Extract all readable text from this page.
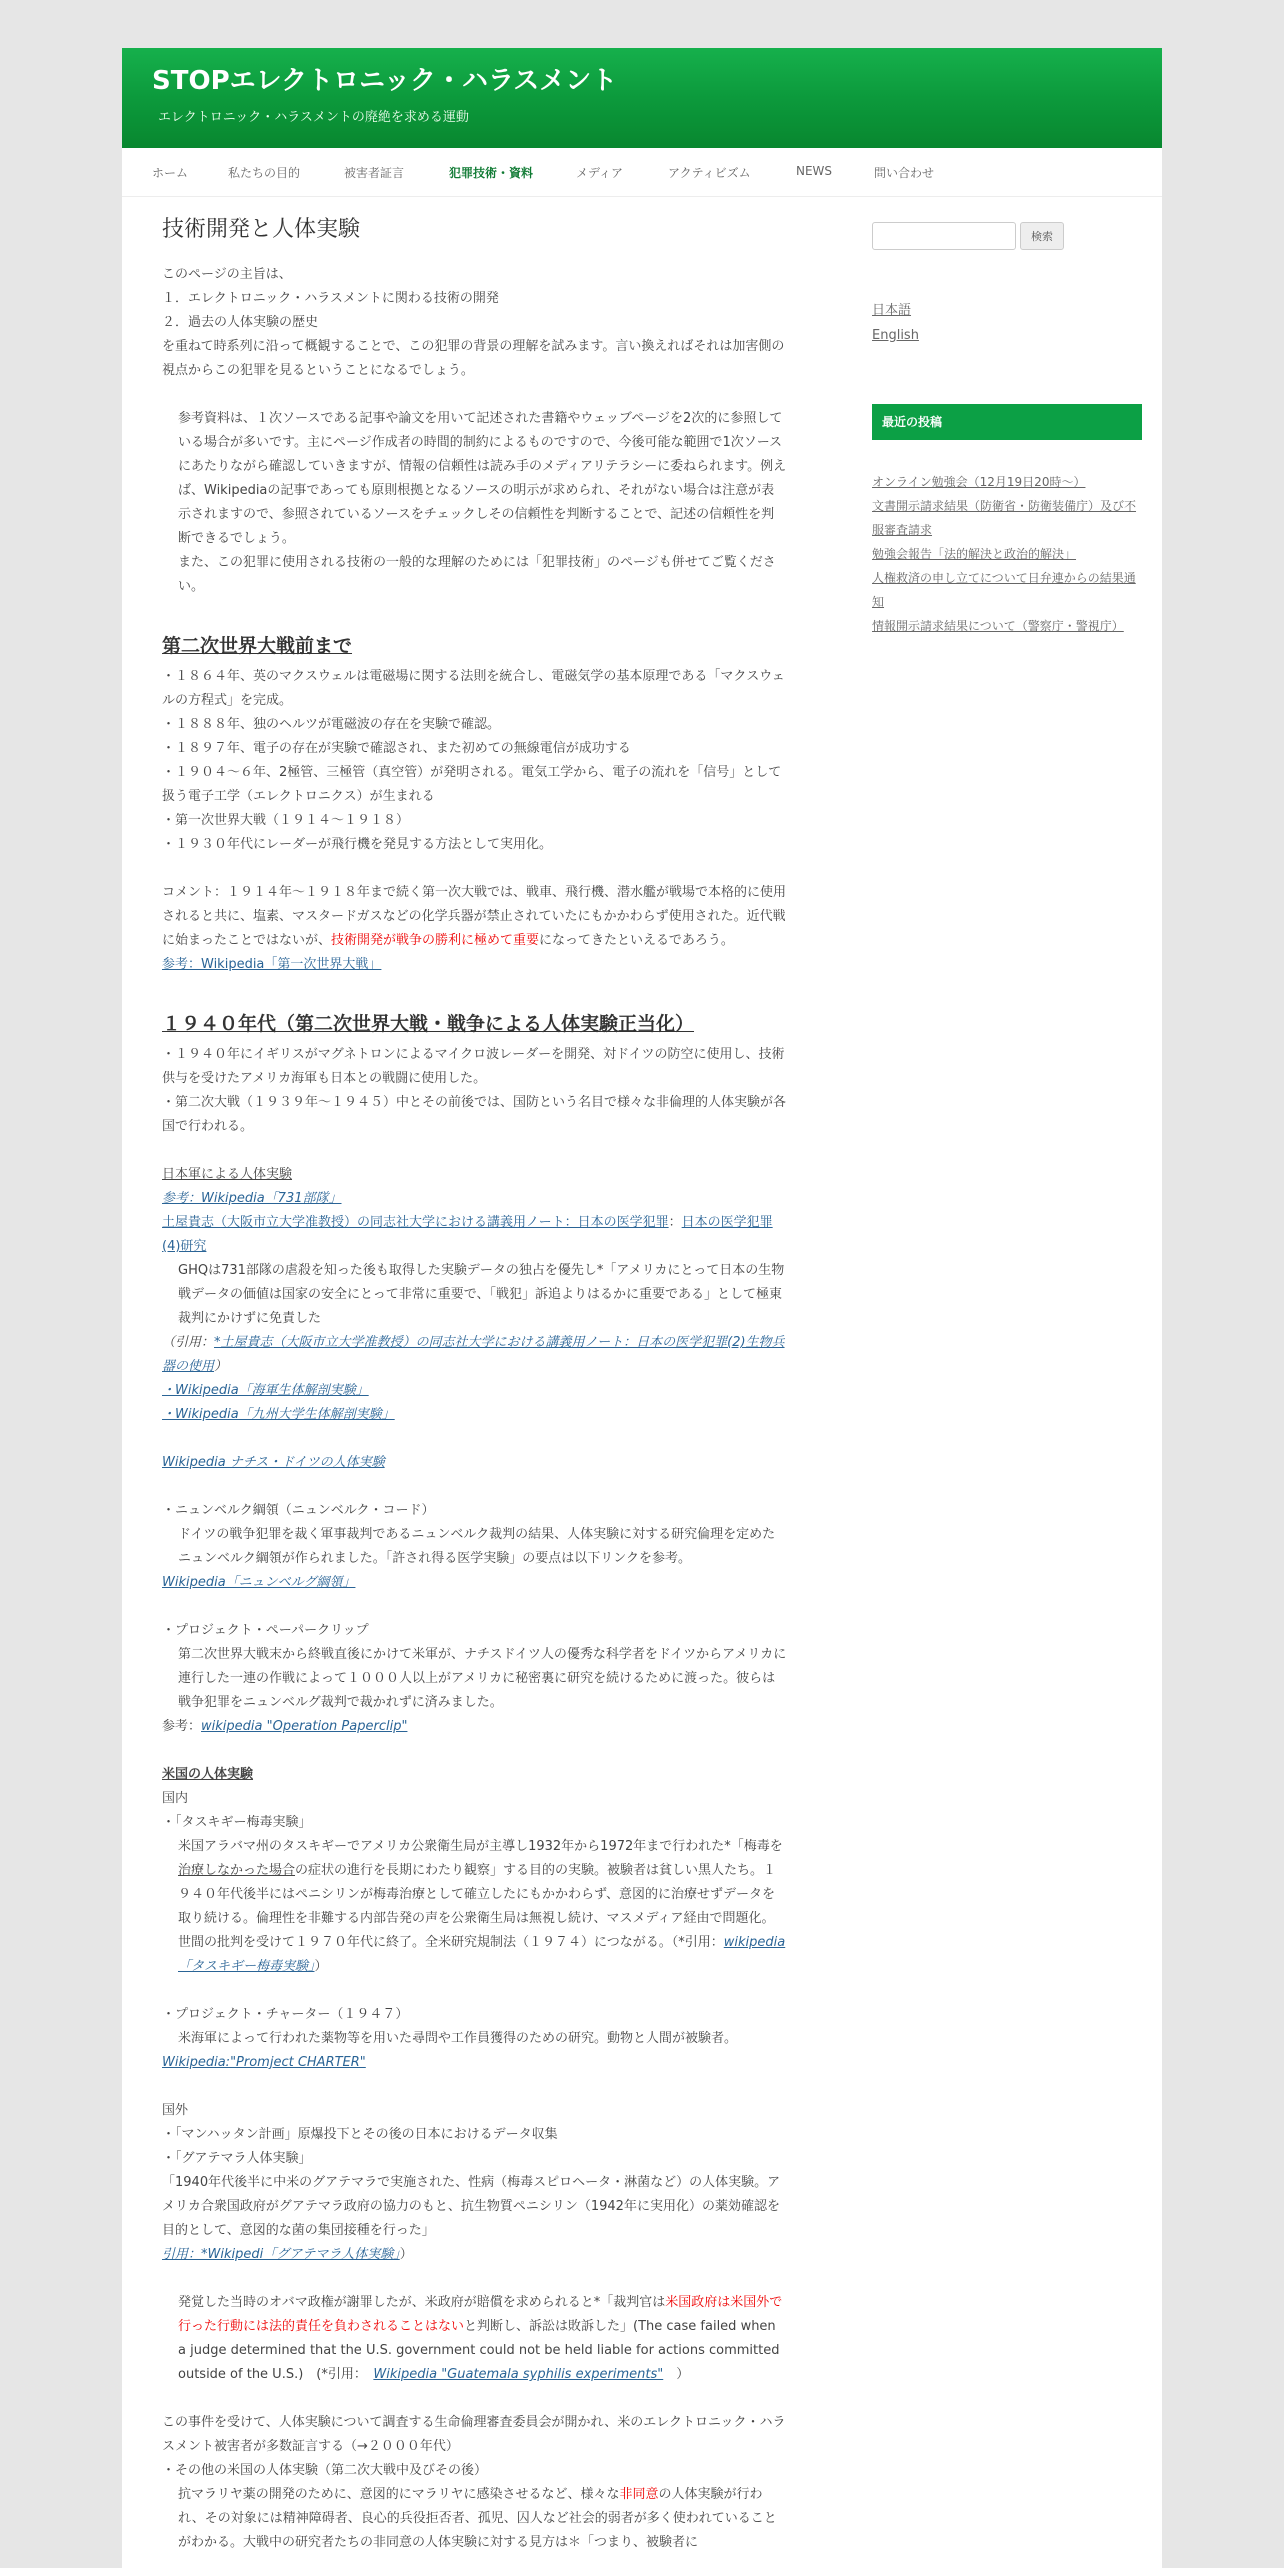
STOPエレクトロニック・ハラスメント
エレクトロニック・ハラスメントの廃絶を求める運動
ホーム	私たちの目的	被害者証言	犯罪技術・資料	メディア	アクティビズム	NEWS	問い合わせ
技術開発と人体実験

このページの主旨は、

１．エレクトロニック・ハラスメントに関わる技術の開発

２．過去の人体実験の歴史

を重ねて時系列に沿って概観することで、この犯罪の背景の理解を試みます。言い換えればそれは加害側の視点からこの犯罪を見るということになるでしょう。

参考資料は、１次ソースである記事や論文を用いて記述された書籍やウェッブページを2次的に参照している場合が多いです。主にページ作成者の時間的制約によるものですので、今後可能な範囲で1次ソースにあたりながら確認していきますが、情報の信頼性は読み手のメディアリテラシーに委ねられます。例えば、Wikipediaの記事であっても原則根拠となるソースの明示が求められ、それがない場合は注意が表示されますので、参照されているソースをチェックしその信頼性を判断することで、記述の信頼性を判断できるでしょう。

また、この犯罪に使用される技術の一般的な理解のためには「犯罪技術」のページも併せてご覧ください。

第二次世界大戦前まで

・１８６４年、英のマクスウェルは電磁場に関する法則を統合し、電磁気学の基本原理である「マクスウェルの方程式」を完成。

・１８８８年、独のヘルツが電磁波の存在を実験で確認。

・１８９７年、電子の存在が実験で確認され、また初めての無線電信が成功する

・１９０４～６年、2極管、三極管（真空管）が発明される。電気工学から、電子の流れを「信号」として扱う電子工学（エレクトロニクス）が生まれる

・第一次世界大戦（１９１４～１９１８）

・１９３０年代にレーダーが飛行機を発見する方法として実用化。

コメント：１９１４年～１９１８年まで続く第一次大戦では、戦車、飛行機、潜水艦が戦場で本格的に使用されると共に、塩素、マスタードガスなどの化学兵器が禁止されていたにもかかわらず使用された。近代戦に始まったことではないが、技術開発が戦争の勝利に極めて重要になってきたといえるであろう。

参考：Wikipedia「第一次世界大戦」

１９４０年代（第二次世界大戦・戦争による人体実験正当化）

・１９４０年にイギリスがマグネトロンによるマイクロ波レーダーを開発、対ドイツの防空に使用し、技術供与を受けたアメリカ海軍も日本との戦闘に使用した。

・第二次大戦（１９３９年～１９４５）中とその前後では、国防という名目で様々な非倫理的人体実験が各国で行われる。

日本軍による人体実験

参考：Wikipedia「731部隊」

土屋貴志（大阪市立大学准教授）の同志社大学における講義用ノート：日本の医学犯罪：日本の医学犯罪(4)研究

GHQは731部隊の虐殺を知った後も取得した実験データの独占を優先し*「アメリカにとって日本の生物戦データの価値は国家の安全にとって非常に重要で、「戦犯」訴追よりはるかに重要である」として極東裁判にかけずに免責した

（引用：*土屋貴志（大阪市立大学准教授）の同志社大学における講義用ノート：日本の医学犯罪(2)生物兵器の使用）

・Wikipedia「海軍生体解剖実験」

・Wikipedia「九州大学生体解剖実験」

Wikipedia ナチス・ドイツの人体実験

・ニュンベルク綱領（ニュンベルク・コード）

ドイツの戦争犯罪を裁く軍事裁判であるニュンベルク裁判の結果、人体実験に対する研究倫理を定めたニュンベルク綱領が作られました。「許され得る医学実験」の要点は以下リンクを参考。

Wikipedia「ニュンベルグ綱領」

・プロジェクト・ペーパークリップ

第二次世界大戦末から終戦直後にかけて米軍が、ナチスドイツ人の優秀な科学者をドイツからアメリカに連行した一連の作戦によって１０００人以上がアメリカに秘密裏に研究を続けるために渡った。彼らは戦争犯罪をニュンベルグ裁判で裁かれずに済みました。

参考：wikipedia "Operation Paperclip"

米国の人体実験

国内

・「タスキギー梅毒実験」

米国アラバマ州のタスキギーでアメリカ公衆衛生局が主導し1932年から1972年まで行われた*「梅毒を治療しなかった場合の症状の進行を長期にわたり観察」する目的の実験。被験者は貧しい黒人たち。１９４０年代後半にはペニシリンが梅毒治療として確立したにもかかわらず、意図的に治療せずデータを取り続ける。倫理性を非難する内部告発の声を公衆衛生局は無視し続け、マスメディア経由で問題化。世間の批判を受けて１９７０年代に終了。全米研究規制法（１９７４）につながる。（*引用：wikipedia「タスキギー梅毒実験」）

・プロジェクト・チャーター（１９４７）

米海軍によって行われた薬物等を用いた尋問や工作員獲得のための研究。動物と人間が被験者。

Wikipedia:"Promject CHARTER"

国外

・「マンハッタン計画」原爆投下とその後の日本におけるデータ収集

・「グアテマラ人体実験」

「1940年代後半に中米のグアテマラで実施された、性病（梅毒スピロヘータ・淋菌など）の人体実験。アメリカ合衆国政府がグアテマラ政府の協力のもと、抗生物質ペニシリン（1942年に実用化）の薬効確認を目的として、意図的な菌の集団接種を行った」

引用：*Wikipedi「グアテマラ人体実験」）

発覚した当時のオバマ政権が謝罪したが、米政府が賠償を求められると*「裁判官は米国政府は米国外で行った行動には法的責任を負わされることはないと判断し、訴訟は敗訴した」(The case failed when a judge determined that the U.S. government could not be held liable for actions committed outside of the U.S.)　(*引用：　Wikipedia "Guatemala syphilis experiments"　）

この事件を受けて、人体実験について調査する生命倫理審査委員会が開かれ、米のエレクトロニック・ハラスメント被害者が多数証言する（→２０００年代）

・その他の米国の人体実験（第二次大戦中及びその後）

抗マラリヤ薬の開発のために、意図的にマラリヤに感染させるなど、様々な非同意の人体実験が行われ、その対象には精神障碍者、良心的兵役拒否者、孤児、囚人など社会的弱者が多く使われていることがわかる。大戦中の研究者たちの非同意の人体実験に対する見方は＊「つまり、被験者に

検索
日本語
English
最近の投稿
オンライン勉強会（12月19日20時～）
文書開示請求結果（防衛省・防衛装備庁）及び不服審査請求
勉強会報告「法的解決と政治的解決」
人権救済の申し立てについて日弁連からの結果通知
情報開示請求結果について（警察庁・警視庁）
